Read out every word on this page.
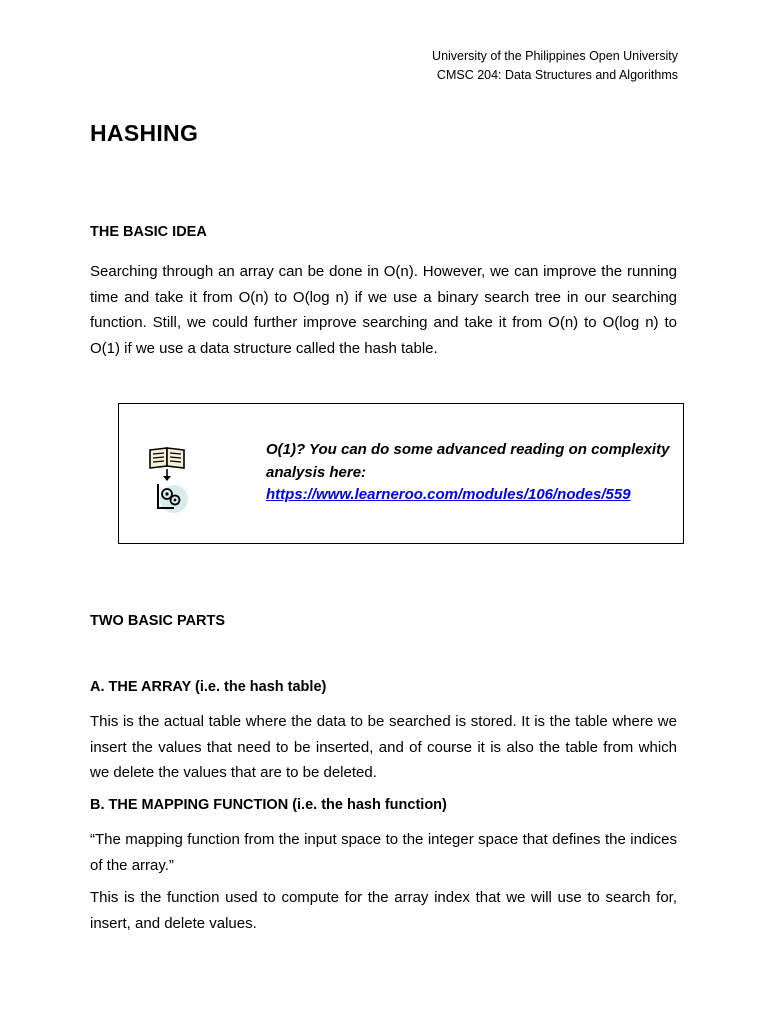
University of the Philippines Open University
CMSC 204: Data Structures and Algorithms
HASHING
THE BASIC IDEA

Searching through an array can be done in O(n). However, we can improve the running time and take it from O(n) to O(log n) if we use a binary search tree in our searching function. Still, we could further improve searching and take it from O(n) to O(log n) to O(1) if we use a data structure called the hash table.

O(1)? You can do some advanced reading on complexity analysis here:
https://www.learneroo.com/modules/106/nodes/559
TWO BASIC PARTS
A. THE ARRAY (i.e. the hash table)

This is the actual table where the data to be searched is stored. It is the table where we insert the values that need to be inserted, and of course it is also the table from which we delete the values that are to be deleted.

B. THE MAPPING FUNCTION (i.e. the hash function)

“The mapping function from the input space to the integer space that defines the indices of the array.”

This is the function used to compute for the array index that we will use to search for, insert, and delete values.
